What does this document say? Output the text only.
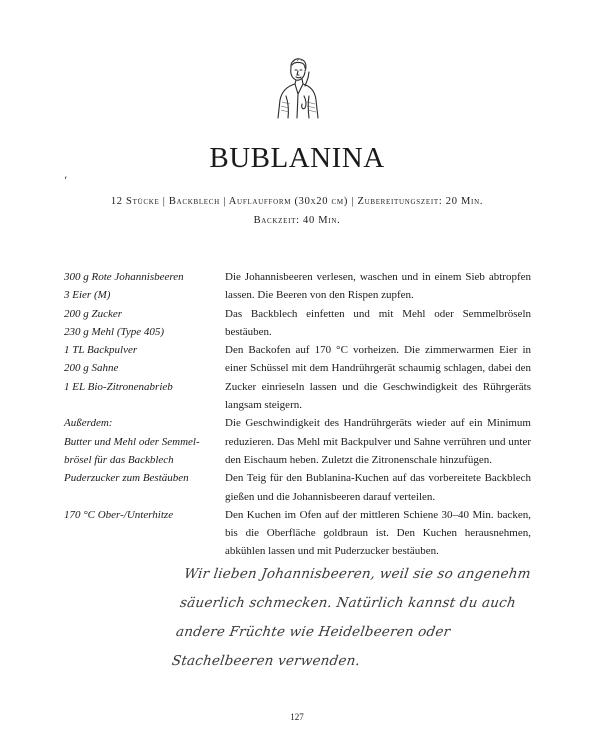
BUBLANINA
’
12 Stücke | Backblech | Auflaufform (30x20 cm) | Zubereitungszeit: 20 Min.
Backzeit: 40 Min.
300 g Rote Johannisbeeren
3 Eier (M)
200 g Zucker
230 g Mehl (Type 405)
1 TL Backpulver
200 g Sahne
1 EL Bio-Zitronenabrieb
Außerdem:
Butter und Mehl oder Semmel-
brösel für das Backblech
Puderzucker zum Bestäuben
170 °C Ober-/Unterhitze

Die Johannisbeeren verlesen, waschen und in einem Sieb abtropfen lassen. Die Beeren von den Rispen zupfen.

Das Backblech einfetten und mit Mehl oder Semmelbröseln bestäuben.

Den Backofen auf 170 °C vorheizen. Die zimmerwarmen Eier in einer Schüssel mit dem Handrührgerät schaumig schlagen, dabei den Zucker einrieseln lassen und die Geschwindigkeit des Rührgeräts langsam steigern.

Die Geschwindigkeit des Handrührgeräts wieder auf ein Minimum reduzieren. Das Mehl mit Backpulver und Sahne verrühren und unter den Eischaum heben. Zuletzt die Zitronenschale hinzufügen.

Den Teig für den Bublanina-Kuchen auf das vorbereitete Backblech gießen und die Johannisbeeren darauf verteilen.

Den Kuchen im Ofen auf der mittleren Schiene 30–40 Min. backen, bis die Oberfläche goldbraun ist. Den Kuchen herausnehmen, abkühlen lassen und mit Puderzucker bestäuben.

Wir lieben Johannisbeeren, weil sie so angenehm säuerlich schmecken. Natürlich kannst du auch andere Früchte wie Heidelbeeren oder Stachelbeeren verwenden.
127
